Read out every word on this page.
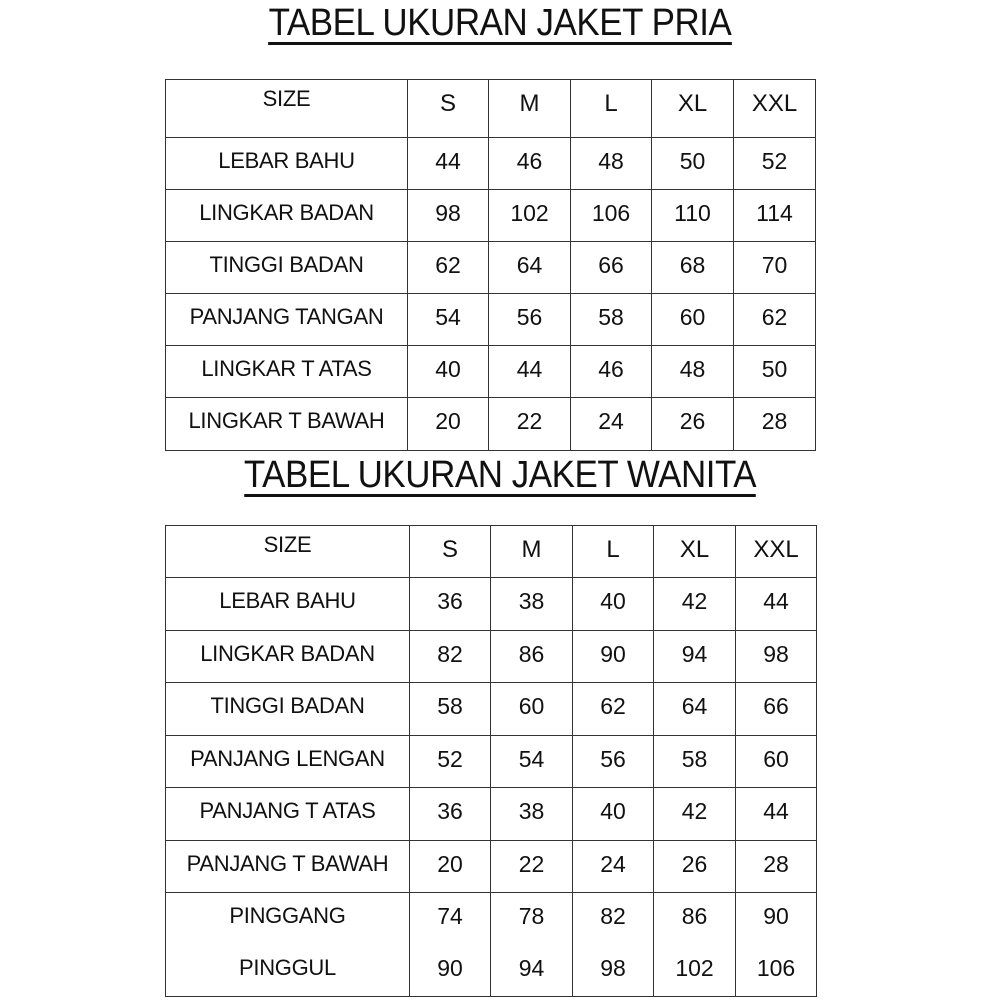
TABEL UKURAN JAKET PRIA
SIZE	S	M	L	XL	XXL
LEBAR BAHU	44	46	48	50	52
LINGKAR BADAN	98	102	106	110	114
TINGGI BADAN	62	64	66	68	70
PANJANG TANGAN	54	56	58	60	62
LINGKAR T ATAS	40	44	46	48	50
LINGKAR T BAWAH	20	22	24	26	28
TABEL UKURAN JAKET WANITA
SIZE	S	M	L	XL	XXL
LEBAR BAHU	36	38	40	42	44
LINGKAR BADAN	82	86	90	94	98
TINGGI BADAN	58	60	62	64	66
PANJANG LENGAN	52	54	56	58	60
PANJANG T ATAS	36	38	40	42	44
PANJANG T BAWAH	20	22	24	26	28
PINGGANG	74	78	82	86	90
PINGGUL	90	94	98	102	106
